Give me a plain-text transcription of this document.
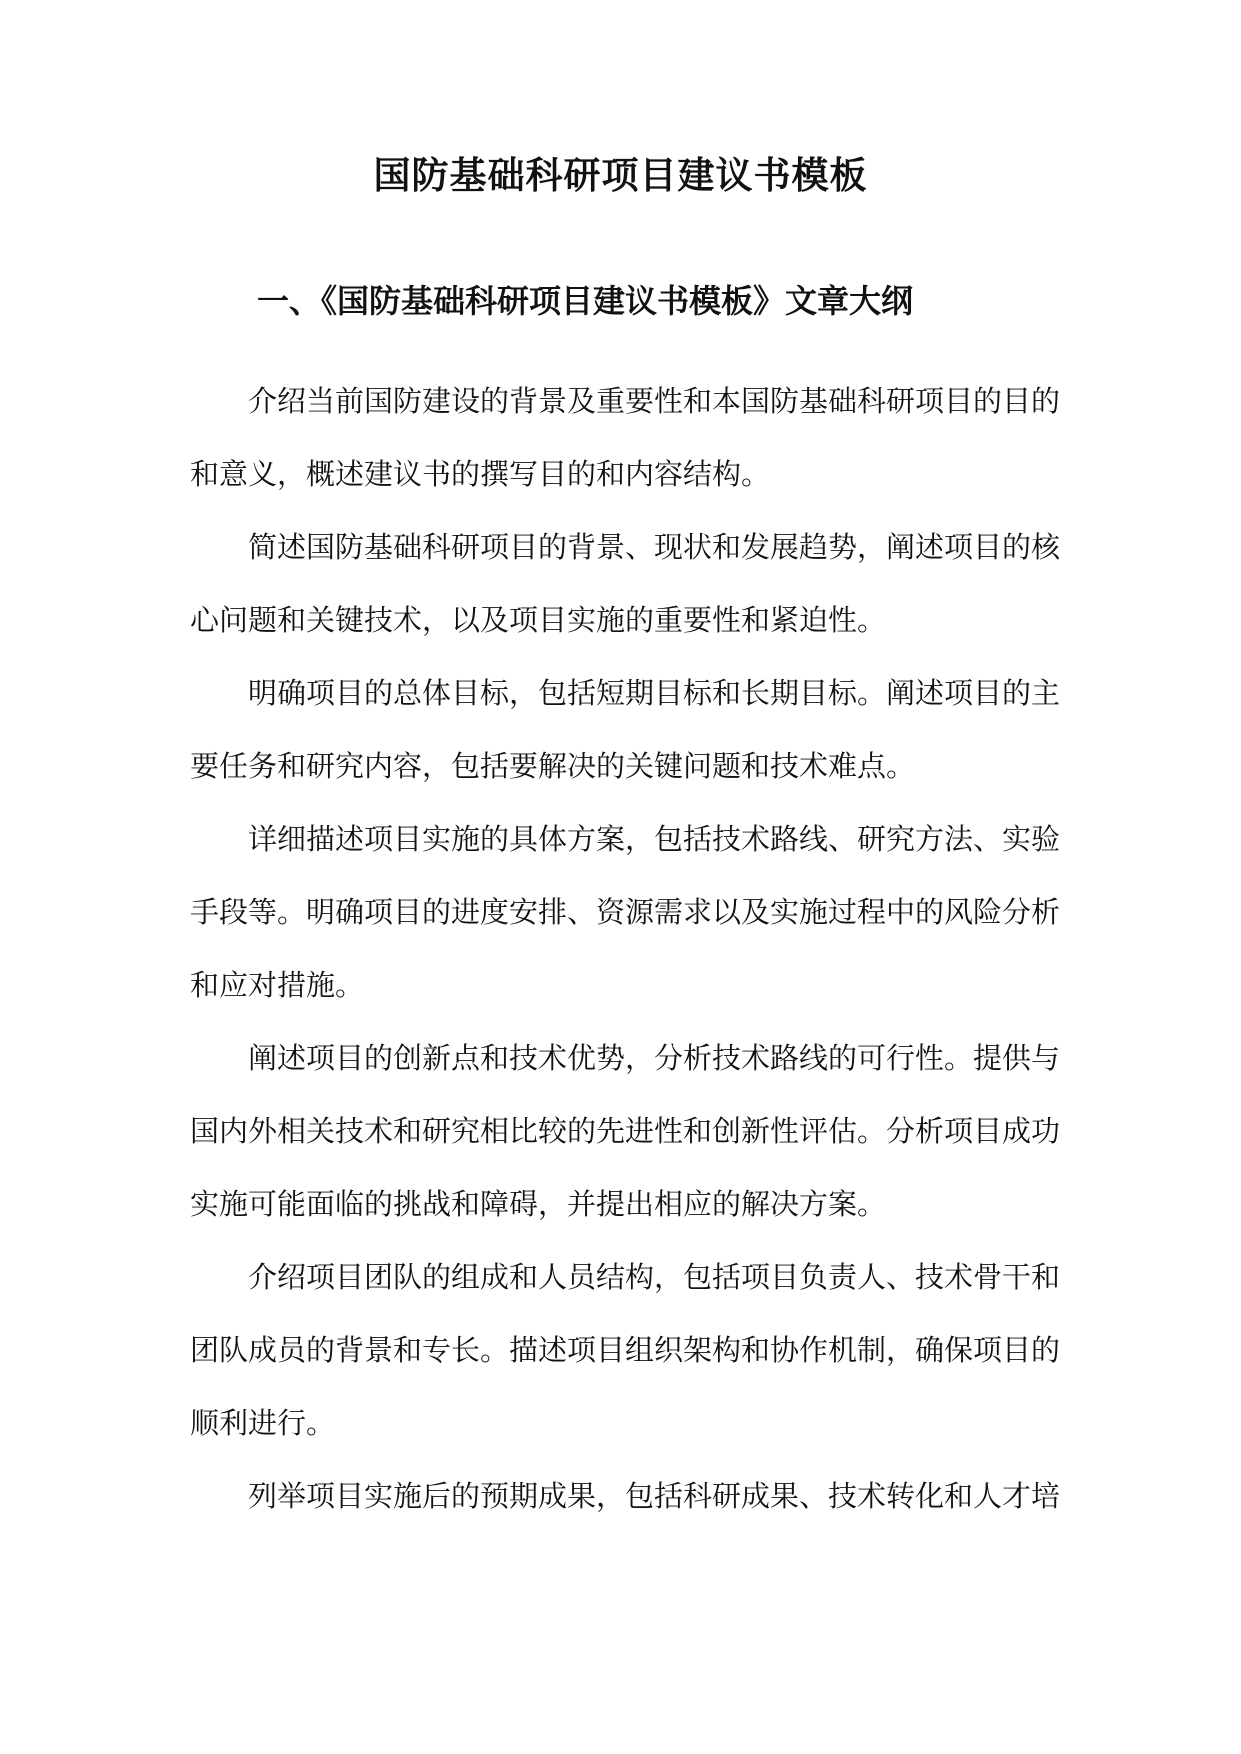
国防基础科研项目建议书模板
一、《国防基础科研项目建议书模板》文章大纲

介绍当前国防建设的背景及重要性和本国防基础科研项目的目的和意义，概述建议书的撰写目的和内容结构。

简述国防基础科研项目的背景、现状和发展趋势，阐述项目的核心问题和关键技术，以及项目实施的重要性和紧迫性。

明确项目的总体目标，包括短期目标和长期目标。阐述项目的主要任务和研究内容，包括要解决的关键问题和技术难点。

详细描述项目实施的具体方案，包括技术路线、研究方法、实验手段等。明确项目的进度安排、资源需求以及实施过程中的风险分析和应对措施。

阐述项目的创新点和技术优势，分析技术路线的可行性。提供与国内外相关技术和研究相比较的先进性和创新性评估。分析项目成功实施可能面临的挑战和障碍，并提出相应的解决方案。

介绍项目团队的组成和人员结构，包括项目负责人、技术骨干和团队成员的背景和专长。描述项目组织架构和协作机制，确保项目的顺利进行。

列举项目实施后的预期成果，包括科研成果、技术转化和人才培
